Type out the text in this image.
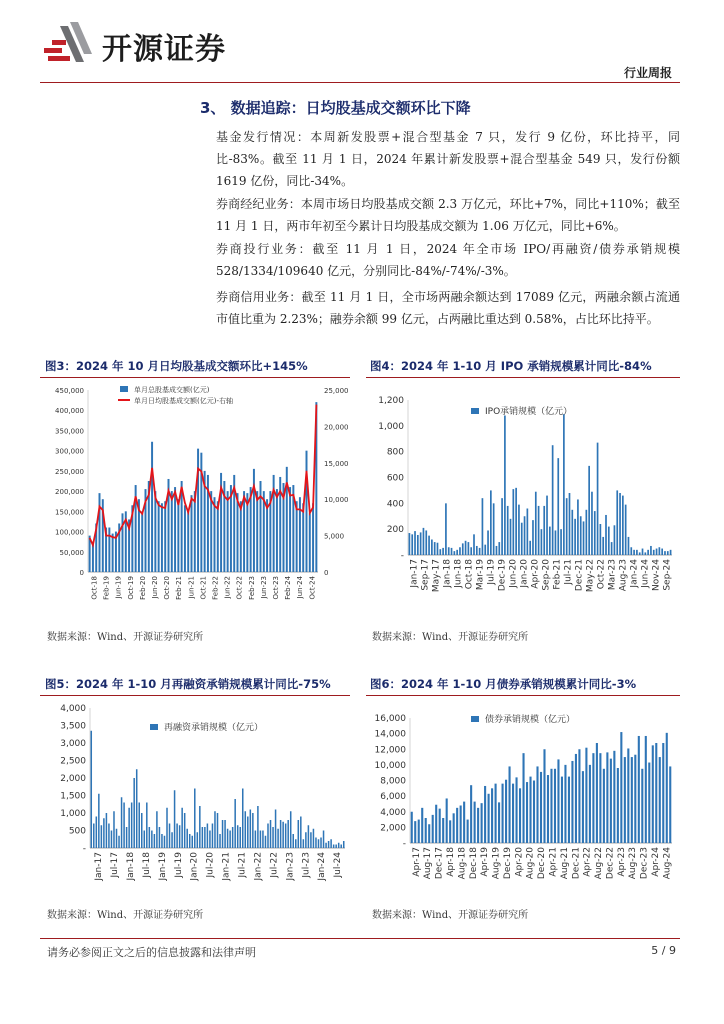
开源证券
行业周报
3、 数据追踪：日均股基成交额环比下降
基金发行情况：本周新发股票+混合型基金 7 只，发行 9 亿份，环比持平，同比-83%。截至 11 月 1 日，2024 年累计新发股票+混合型基金 549 只，发行份额 1619 亿份，同比-34%。
券商经纪业务：本周市场日均股基成交额 2.3 万亿元，环比+7%，同比+110%；截至 11 月 1 日，两市年初至今累计日均股基成交额为 1.06 万亿元，同比+6%。
券商投行业务：截至 11 月 1 日，2024 年全市场 IPO/再融资/债券承销规模 528/1334/109640 亿元，分别同比-84%/-74%/-3%。
券商信用业务：截至 11 月 1 日，全市场两融余额达到 17089 亿元，两融余额占流通市值比重为 2.23%；融券余额 99 亿元，占两融比重达到 0.58%，占比环比持平。
图3：2024 年 10 月日均股基成交额环比+145%
0
50,000
100,000
150,000
200,000
250,000
300,000
350,000
400,000
450,000
0
5,000
10,000
15,000
20,000
25,000
Oct-18 Feb-19 Jun-19 Oct-19 Feb-20 Jun-20 Oct-20 Feb-21 Jun-21 Oct-21 Feb-22 Jun-22 Oct-22 Feb-23 Jun-23 Oct-23 Feb-24 Jun-24 Oct-24
单月总股基成交额(亿元)
单月日均股基成交额(亿元)-右轴
数据来源：Wind、开源证券研究所
图4：2024 年 1-10 月 IPO 承销规模累计同比-84%
-
200
400
600
800
1,000
1,200
Jan-17 Sep-17 May-17 Jan-18 Jun-18 Oct-18 Mar-19 Jul-19 Dec-19 Jun-20 Jan-20 Apr-20 Sep-20 Feb-21 Jul-21 Dec-21 May-22 Oct-22 Mar-23 Aug-23 Jan-24 Jun-24 Nov-24 Sep-24
IPO承销规模（亿元）
数据来源：Wind、开源证券研究所
图5：2024 年 1-10 月再融资承销规模累计同比-75%
-
500
1,000
1,500
2,000
2,500
3,000
3,500
4,000
Jan-17 Jul-17 Jan-18 Jul-18 Jan-19 Jul-19 Jan-20 Jul-20 Jan-21 Jul-21 Jan-22 Jul-22 Jan-23 Jul-23 Jan-24 Jul-24
再融资承销规模（亿元）
数据来源：Wind、开源证券研究所
图6：2024 年 1-10 月债券承销规模累计同比-3%
-
2,000
4,000
6,000
8,000
10,000
12,000
14,000
16,000
Apr-17 Aug-17 Dec-17 Apr-18 Aug-18 Dec-18 Apr-19 Aug-19 Dec-19 Apr-20 Aug-20 Dec-20 Apr-21 Aug-21 Dec-21 Apr-22 Aug-22 Dec-22 Apr-23 Aug-23 Dec-23 Apr-24 Aug-24
债券承销规模（亿元）
数据来源：Wind、开源证券研究所
请务必参阅正文之后的信息披露和法律声明	5 / 9
